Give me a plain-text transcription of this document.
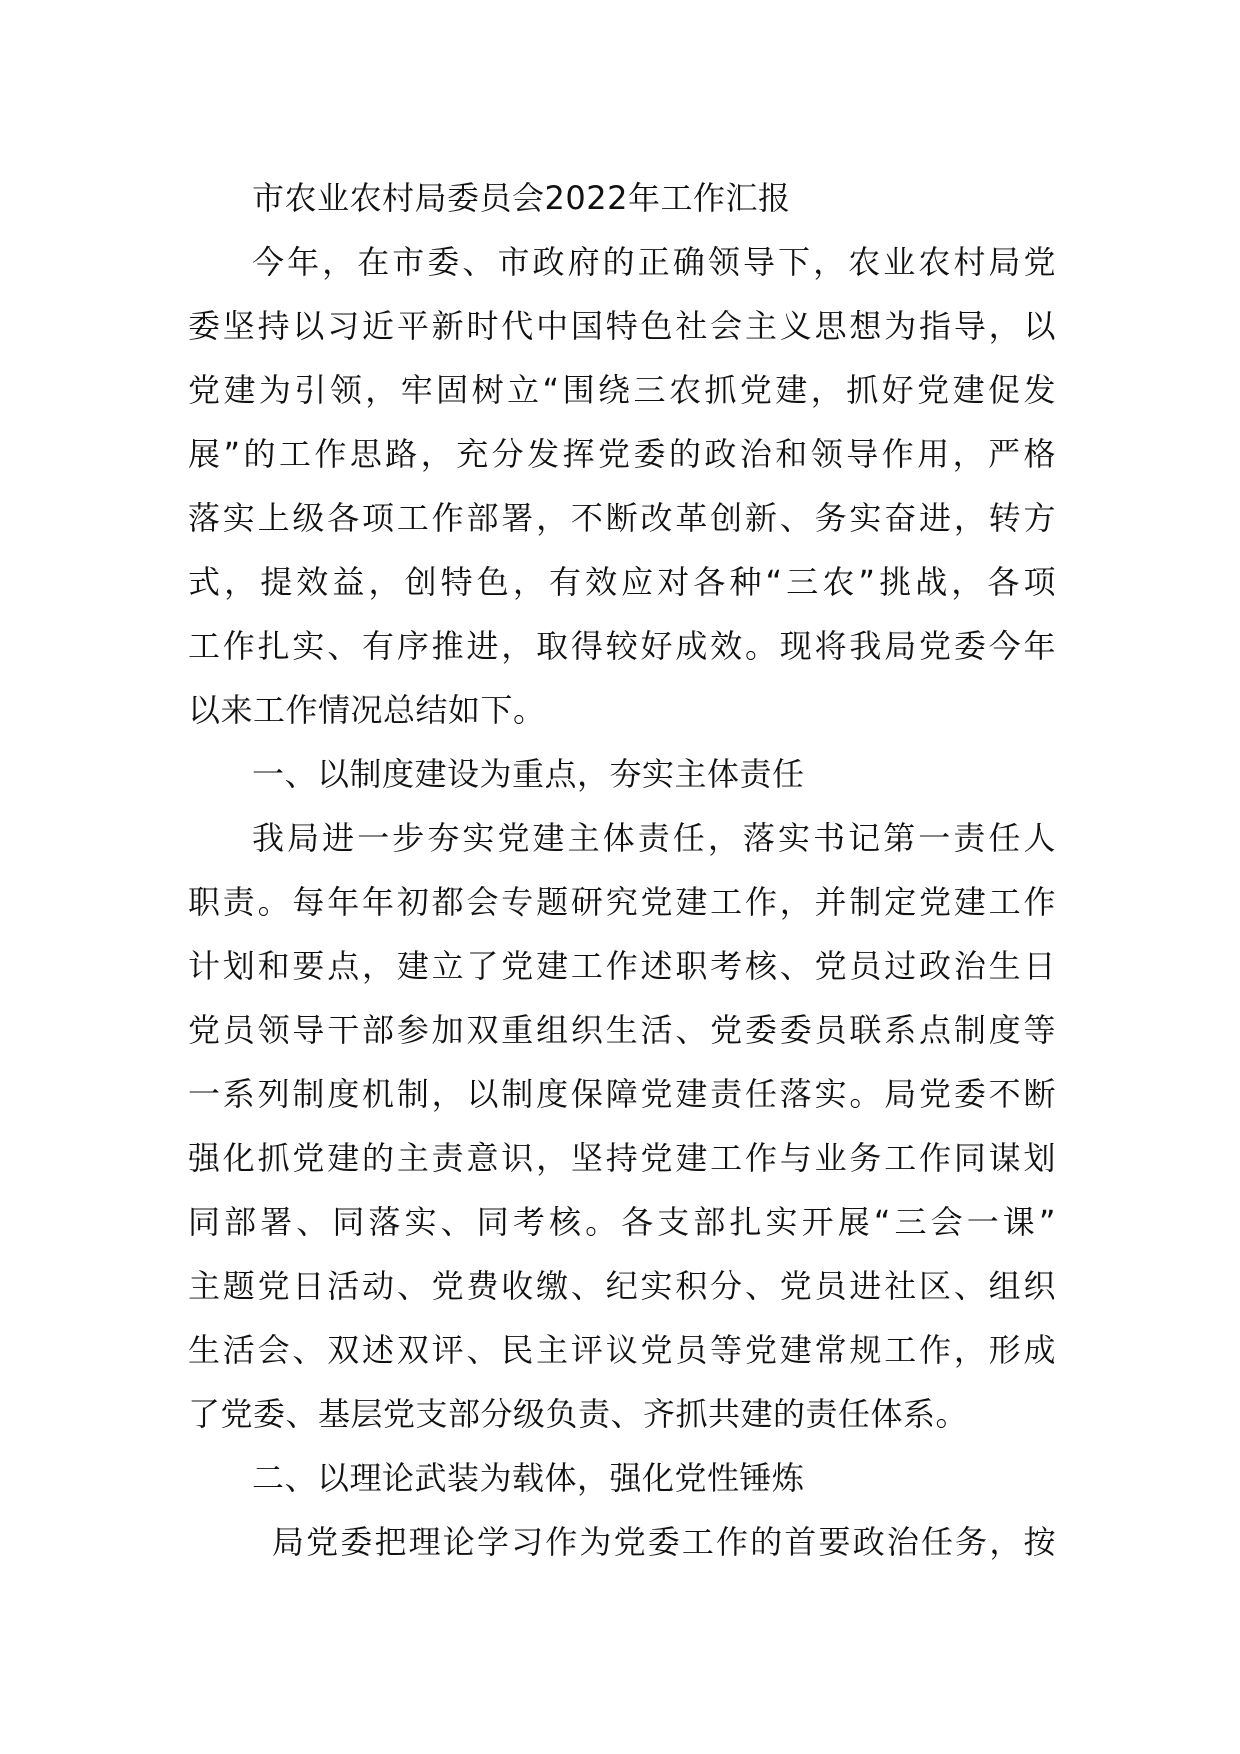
市农业农村局委员会2022年工作汇报
今年，在市委、市政府的正确领导下，农业农村局党
委坚持以习近平新时代中国特色社会主义思想为指导，以
党建为引领，牢固树立“围绕三农抓党建，抓好党建促发
展”的工作思路，充分发挥党委的政治和领导作用，严格
落实上级各项工作部署，不断改革创新、务实奋进，转方
式，提效益，创特色，有效应对各种“三农”挑战，各项
工作扎实、有序推进，取得较好成效。现将我局党委今年
以来工作情况总结如下。
一、以制度建设为重点，夯实主体责任
我局进一步夯实党建主体责任，落实书记第一责任人
职责。每年年初都会专题研究党建工作，并制定党建工作
计划和要点，建立了党建工作述职考核、党员过政治生日
党员领导干部参加双重组织生活、党委委员联系点制度等
一系列制度机制，以制度保障党建责任落实。局党委不断
强化抓党建的主责意识，坚持党建工作与业务工作同谋划
同部署、同落实、同考核。各支部扎实开展“三会一课”
主题党日活动、党费收缴、纪实积分、党员进社区、组织
生活会、双述双评、民主评议党员等党建常规工作，形成
了党委、基层党支部分级负责、齐抓共建的责任体系。
二、以理论武装为载体，强化党性锤炼
局党委把理论学习作为党委工作的首要政治任务，按
